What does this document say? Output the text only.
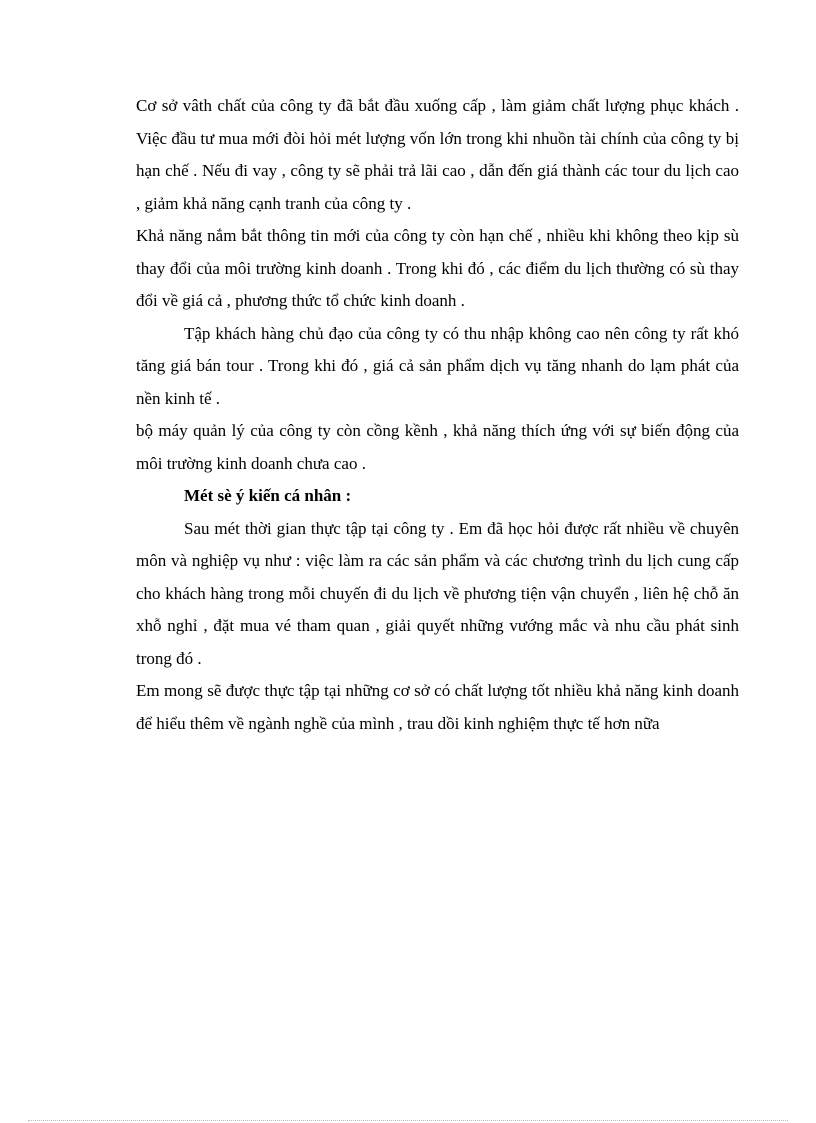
Cơ sở vâth chất của công ty đã bắt đầu xuống cấp , làm giảm chất lượng phục khách . Việc đầu tư mua mới đòi hỏi mét lượng vốn lớn trong khi nhuồn tài chính của công ty bị hạn chế . Nếu đi vay , công ty sẽ phải trả lãi cao , dẫn đến giá thành các tour du lịch cao , giảm khả năng cạnh tranh của công ty .

Khả năng nắm bắt thông tin mới của công ty còn hạn chế , nhiều khi không theo kịp sù thay đổi của môi trường kinh doanh . Trong khi đó , các điểm du lịch thường có sù thay đổi về giá cả , phương thức tổ chức kinh doanh .

Tập khách hàng chủ đạo của công ty có thu nhập không cao nên công ty rất khó tăng giá bán tour . Trong khi đó , giá cả sản phẩm dịch vụ tăng nhanh do lạm phát của nền kinh tế .

bộ máy quản lý của công ty còn cồng kềnh , khả năng thích ứng với sự biến động của môi trường kinh doanh chưa cao .

Mét sè ý kiến cá nhân :

Sau mét thời gian thực tập tại công ty . Em đã học hỏi được rất nhiều về chuyên môn và nghiệp vụ như : việc làm ra các sản phẩm và các chương trình du lịch cung cấp cho khách hàng trong mỗi chuyến đi du lịch về phương tiện vận chuyển , liên hệ chỗ ăn xhỗ nghỉ , đặt mua vé tham quan , giải quyết những vướng mắc và nhu cầu phát sinh trong đó .

Em mong sẽ được thực tập tại những cơ sở có chất lượng tốt nhiều khả năng kinh doanh để hiểu thêm về ngành nghề của mình , trau dồi kinh nghiệm thực tế hơn nữa
